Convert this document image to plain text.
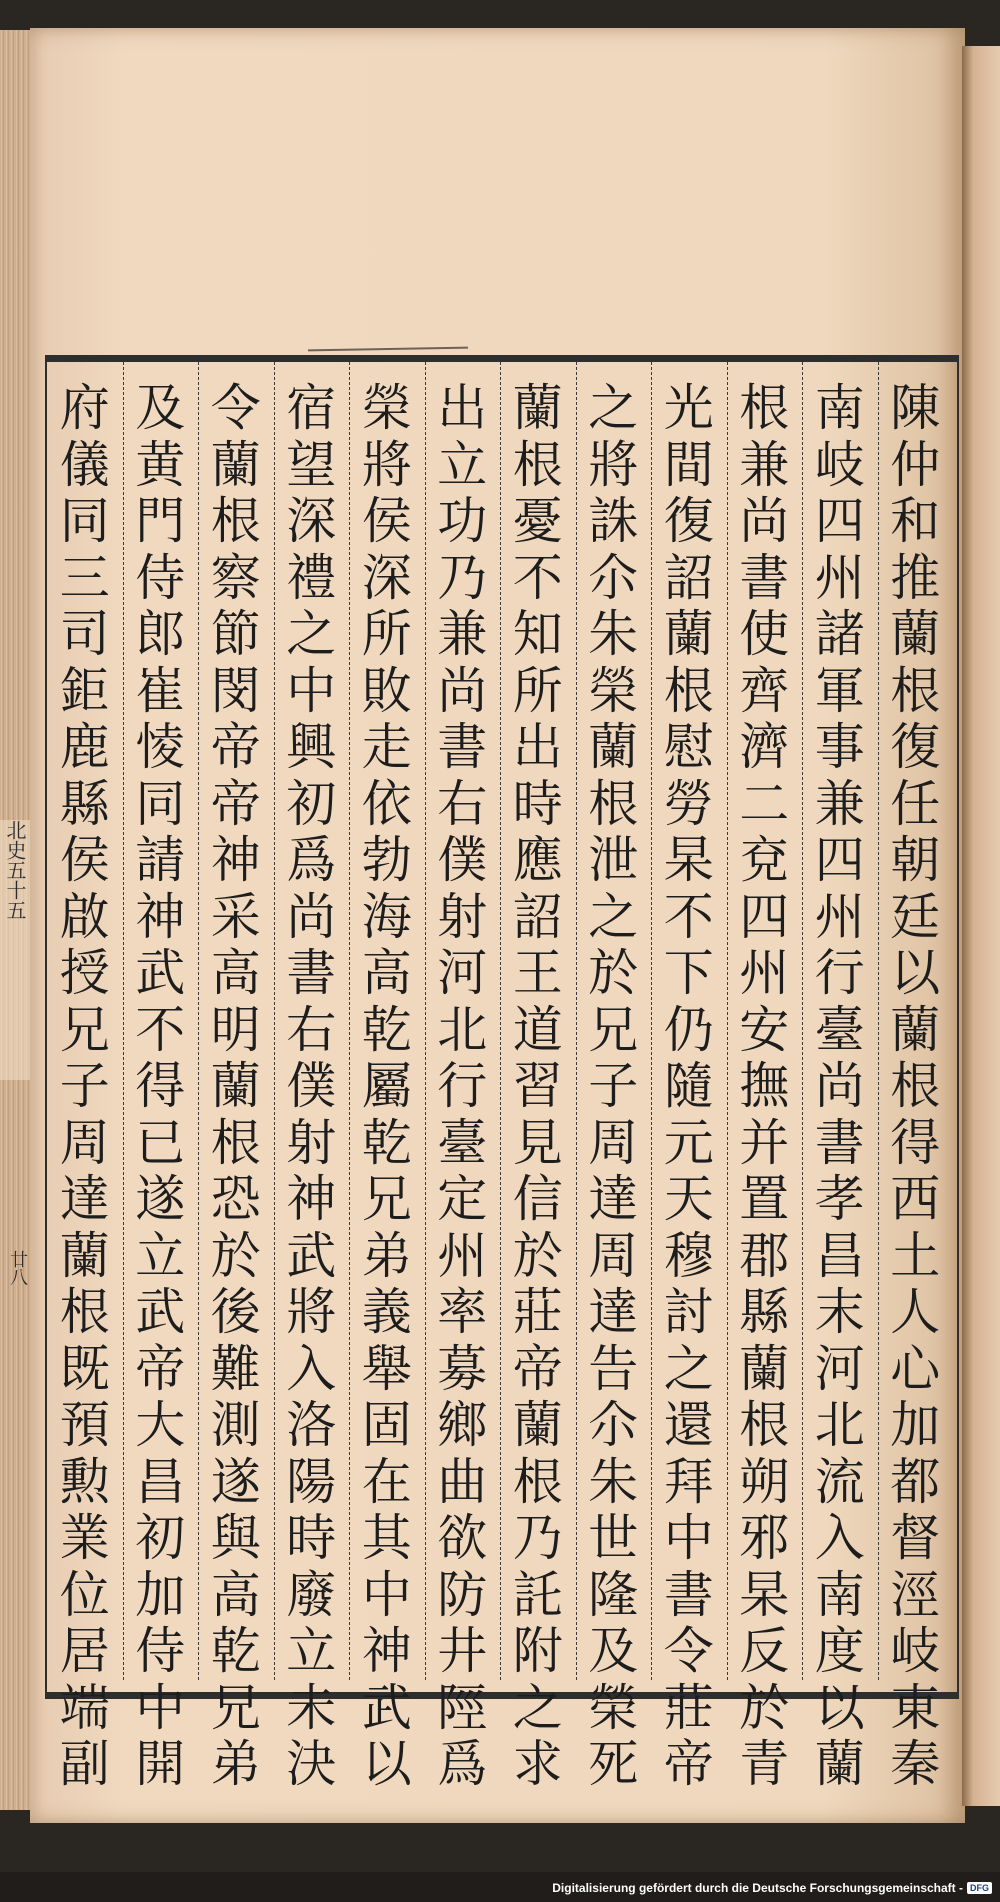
北史五十五
廿八
陳
仲
和
推
蘭
根
復
任
朝
廷
以
蘭
根
得
西
土
人
心
加
都
督
涇
岐
東
秦
南
岐
四
州
諸
軍
事
兼
四
州
行
臺
尚
書
孝
昌
末
河
北
流
入
南
度
以
蘭
根
兼
尚
書
使
齊
濟
二
兗
四
州
安
撫
并
置
郡
縣
蘭
根
朔
邪
杲
反
於
青
光
間
復
詔
蘭
根
慰
勞
杲
不
下
仍
隨
元
天
穆
討
之
還
拜
中
書
令
莊
帝
之
將
誅
尒
朱
榮
蘭
根
泄
之
於
兄
子
周
達
周
達
告
尒
朱
世
隆
及
榮
死
蘭
根
憂
不
知
所
出
時
應
詔
王
道
習
見
信
於
莊
帝
蘭
根
乃
託
附
之
求
出
立
功
乃
兼
尚
書
右
僕
射
河
北
行
臺
定
州
率
募
鄉
曲
欲
防
井
陘
爲
榮
將
侯
深
所
敗
走
依
勃
海
高
乾
屬
乾
兄
弟
義
舉
固
在
其
中
神
武
以
宿
望
深
禮
之
中
興
初
爲
尚
書
右
僕
射
神
武
將
入
洛
陽
時
廢
立
未
決
令
蘭
根
察
節
閔
帝
帝
神
采
高
明
蘭
根
恐
於
後
難
測
遂
與
高
乾
兄
弟
及
黄
門
侍
郎
崔
㥄
同
請
神
武
不
得
已
遂
立
武
帝
大
昌
初
加
侍
中
開
府
儀
同
三
司
鉅
鹿
縣
侯
啟
授
兄
子
周
達
蘭
根
既
預
勲
業
位
居
端
副
Digitalisierung gefördert durch die Deutsche Forschungsgemeinschaft - DFG
